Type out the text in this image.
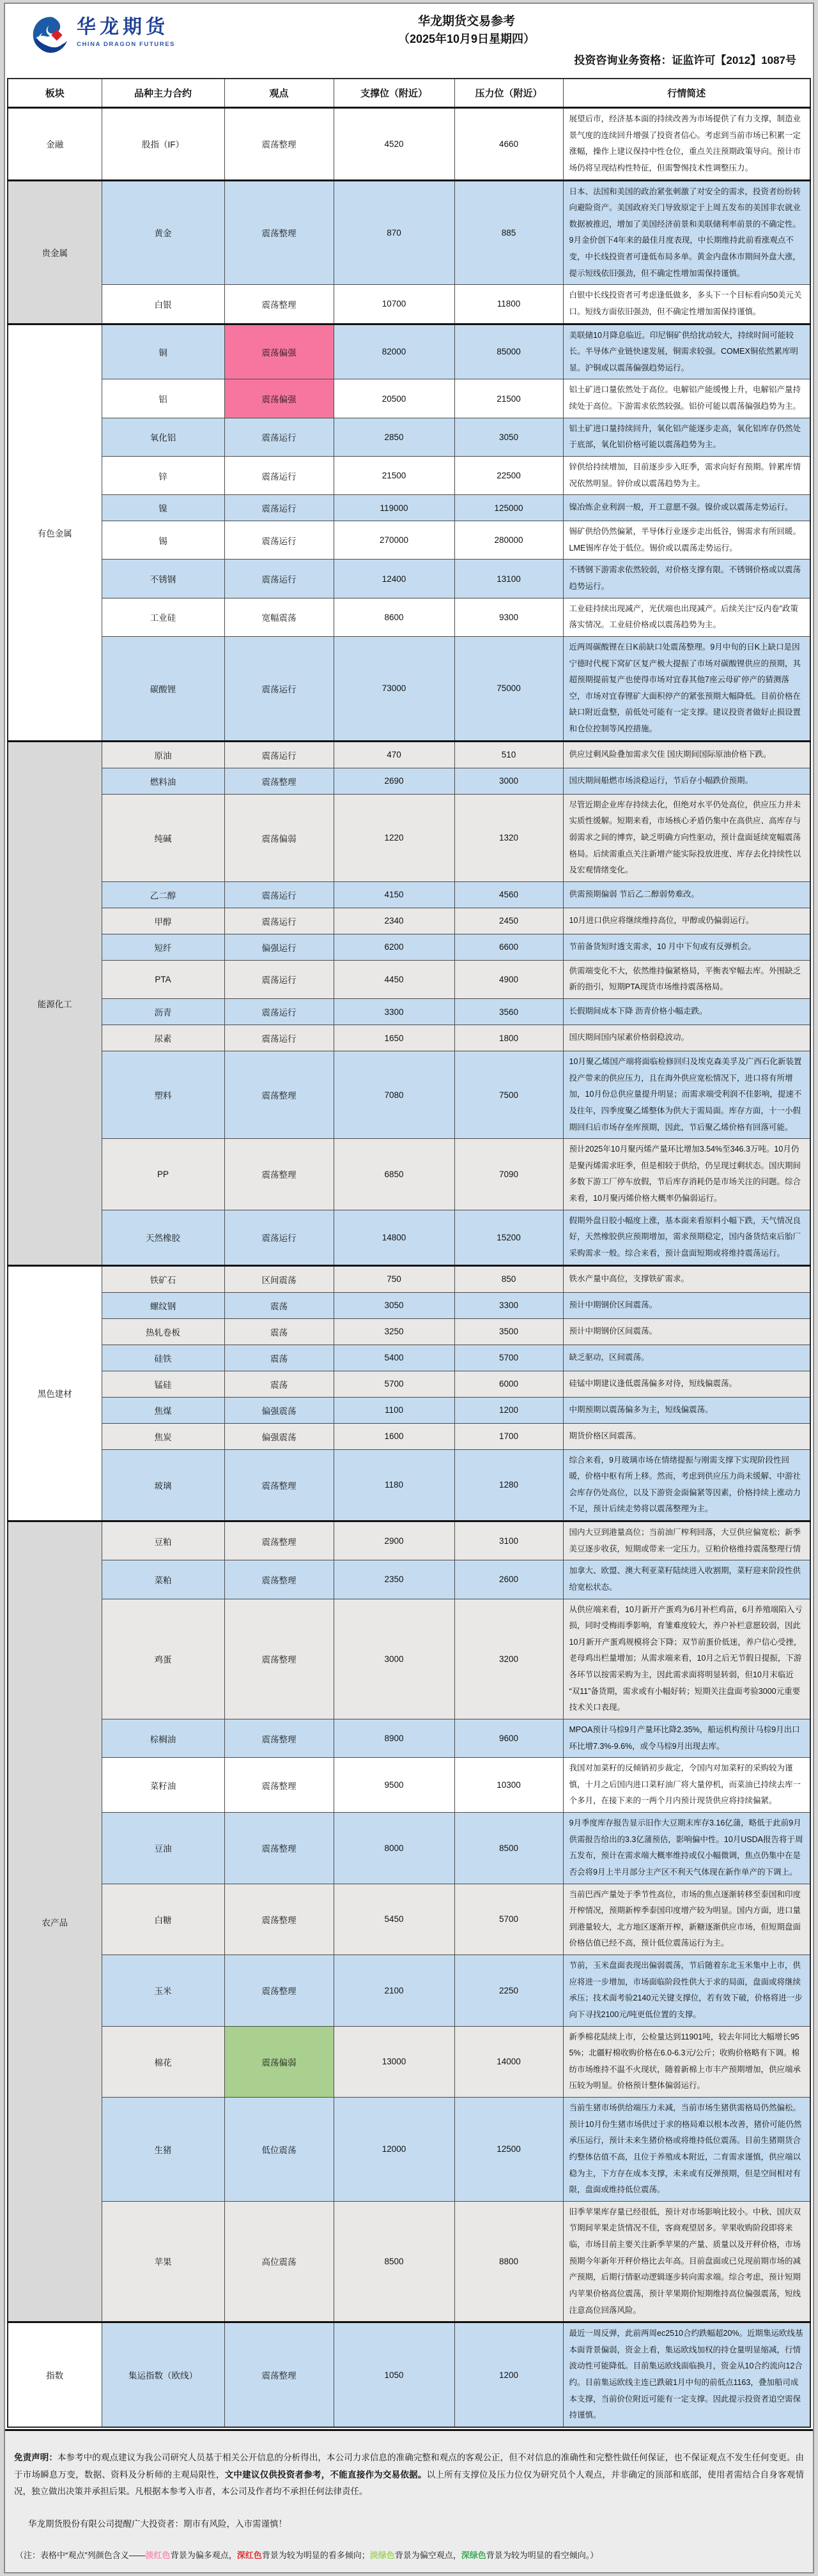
华龙期货
CHINA DRAGON FUTURES
华龙期货交易参考
（2025年10月9日星期四）
投资咨询业务资格：证监许可【2012】1087号
板块	品种主力合约	观点	支撑位（附近）	压力位（附近）	行情简述
金融	股指（IF）	震荡整理	4520	4660	展望后市，经济基本面的持续改善为市场提供了有力支撑，制造业景气度的连续回升增强了投资者信心。考虑到当前市场已积累一定涨幅，操作上建议保持中性仓位，重点关注预期政策导向。预计市场仍将呈现结构性特征，但需警惕技术性调整压力。
贵金属	黄金	震荡整理	870	885	日本、法国和美国的政治紧张刺激了对安全的需求，投资者纷纷转向避险资产。美国政府关门导致原定于上周五发布的美国非农就业数据被推迟，增加了美国经济前景和美联储利率前景的不确定性。9月金价创下4年来的最佳月度表现，中长期维持此前看涨观点不变，中长线投资者可逢低布局多单。黄金内盘休市期间外盘大涨，提示短线依旧强劲，但不确定性增加需保持谨慎。
	白银	震荡整理	10700	11800	白银中长线投资者可考虑逢低做多，多头下一个目标看向50美元关口。短线方面依旧强劲，但不确定性增加需保持谨慎。
有色金属	铜	震荡偏强	82000	85000	美联储10月降息临近。印尼铜矿供给扰动较大，持续时间可能较长。半导体产业链快速发展，铜需求较强。COMEX铜依然累库明显。沪铜或以震荡偏强趋势运行。
	铝	震荡偏强	20500	21500	铝土矿进口量依然处于高位。电解铝产能缓慢上升，电解铝产量持续处于高位。下游需求依然较强。铝价可能以震荡偏强趋势为主。
	氧化铝	震荡运行	2850	3050	铝土矿进口量持续回升，氧化铝产能逐步走高，氧化铝库存仍然处于底部，氧化铝价格可能以震荡趋势为主。
	锌	震荡运行	21500	22500	锌供给持续增加，目前逐步步入旺季，需求向好有预期。锌累库情况依然明显。锌价或以震荡趋势为主。
	镍	震荡运行	119000	125000	镍冶炼企业利润一般，开工意愿不强。镍价或以震荡走势运行。
	锡	震荡运行	270000	280000	锡矿供给仍然偏紧，半导体行业逐步走出低谷，锡需求有所回暖。LME锡库存处于低位。锡价或以震荡走势运行。
	不锈钢	震荡运行	12400	13100	不锈钢下游需求依然较弱，对价格支撑有限。不锈钢价格或以震荡趋势运行。
	工业硅	宽幅震荡	8600	9300	工业硅持续出现减产，光伏端也出现减产。后续关注“反内卷”政策落实情况。工业硅价格或以震荡趋势为主。
	碳酸锂	震荡运行	73000	75000	近两周碳酸锂在日K前缺口处震荡整理。9月中旬的日K上缺口是因宁德时代枧下窝矿区复产极大提振了市场对碳酸锂供应的预期，其超预期提前复产也使得市场对宜春其他7座云母矿停产的猜测落空，市场对宜春锂矿大面积停产的紧张预期大幅降低。目前价格在缺口附近盘整，前低处可能有一定支撑。建议投资者做好止损设置和仓位控制等风控措施。
能源化工	原油	震荡运行	470	510	供应过剩风险叠加需求欠佳 国庆期间国际原油价格下跌。
	燃料油	震荡整理	2690	3000	国庆期间船燃市场淡稳运行，节后存小幅跌价预期。
	纯碱	震荡偏弱	1220	1320	尽管近期企业库存持续去化，但绝对水平仍处高位，供应压力并未实质性缓解。短期来看，市场核心矛盾仍集中在高供应、高库存与弱需求之间的博弈，缺乏明确方向性驱动，预计盘面延续宽幅震荡格局。后续需重点关注新增产能实际投放进度、库存去化持续性以及宏观情绪变化。
	乙二醇	震荡运行	4150	4560	供需预期偏弱 节后乙二醇弱势难改。
	甲醇	震荡运行	2340	2450	10月进口供应将继续维持高位，甲醇或仍偏弱运行。
	短纤	偏强运行	6200	6600	节前备货短时透支需求，10 月中下旬或有反弹机会。
	PTA	震荡运行	4450	4900	供需端变化不大，依然维持偏紧格局，平衡表窄幅去库。外围缺乏新的指引，短期PTA现货市场维持震荡格局。
	沥青	震荡运行	3300	3560	长假期间成本下降 沥青价格小幅走跌。
	尿素	震荡运行	1650	1800	国庆期间国内尿素价格弱稳波动。
	塑料	震荡整理	7080	7500	10月聚乙烯国产端将面临检修回归及埃克森美孚及广西石化新装置投产带来的供应压力，且在海外供应宽松情况下，进口将有所增加，10月份总供应量提升明显；而需求端受利润不佳影响，提速不及往年，四季度聚乙烯整体为供大于需局面。库存方面，十一小假期回归后市场存垒库预期，因此，节后聚乙烯价格有回落可能。
	PP	震荡整理	6850	7090	预计2025年10月聚丙烯产量环比增加3.54%至346.3万吨。10月仍是聚丙烯需求旺季，但是相较于供给，仍呈现过剩状态。国庆期间多数下游工厂停车放假，节后库存消耗仍是市场关注的问题。综合来看，10月聚丙烯价格大概率仍偏弱运行。
	天然橡胶	震荡运行	14800	15200	假期外盘日胶小幅度上涨，基本面来看原料小幅下跌，天气情况良好，天然橡胶供应预期增加，需求预期稳定，国内备货结束后胎厂采购需求一般。综合来看，预计盘面短期或将维持震荡运行。
黑色建材	铁矿石	区间震荡	750	850	铁水产量中高位，支撑铁矿需求。
	螺纹钢	震荡	3050	3300	预计中期钢价区间震荡。
	热轧卷板	震荡	3250	3500	预计中期钢价区间震荡。
	硅铁	震荡	5400	5700	缺乏驱动，区间震荡。
	锰硅	震荡	5700	6000	硅锰中期建议逢低震荡偏多对待，短线偏震荡。
	焦煤	偏强震荡	1100	1200	中期预期以震荡偏多为主，短线偏震荡。
	焦炭	偏强震荡	1600	1700	期货价格区间震荡。
	玻璃	震荡整理	1180	1280	综合来看，9月玻璃市场在情绪提振与刚需支撑下实现阶段性回暖，价格中枢有所上移。然而，考虑到供应压力尚未缓解、中游社会库存仍处高位，以及下游资金面偏紧等因素，价格持续上涨动力不足，预计后续走势将以震荡整理为主。
农产品	豆粕	震荡整理	2900	3100	国内大豆到港量高位；当前油厂榨利回落，大豆供应偏宽松；新季美豆逐步收获，短期或带来一定压力。豆粕价格维持震荡整理行情
	菜粕	震荡整理	2350	2600	加拿大、欧盟、澳大利亚菜籽陆续进入收割期，菜籽迎来阶段性供给宽松状态。
	鸡蛋	震荡整理	3000	3200	从供应端来看，10月新开产蛋鸡为6月补栏鸡苗，6月养殖端陷入亏损，同时受梅雨季影响，育雏难度较大，养户补栏意愿较弱，因此10月新开产蛋鸡规模将会下降；双节前蛋价低迷，养户信心受挫，老母鸡出栏量增加；从需求端来看，10月之后无节假日提振，下游各环节以按需采购为主，因此需求面将明显转弱，但10月末临近“双11”备货期，需求或有小幅好转；短期关注盘面考验3000元重要技术关口表现。
	棕榈油	震荡整理	8900	9600	MPOA预计马棕9月产量环比降2.35%，船运机构预计马棕9月出口环比增7.3%-9.6%，或令马棕9月出现去库。
	菜籽油	震荡整理	9500	10300	我国对加菜籽的反倾销初步裁定，令国内对加菜籽的采购较为谨慎，十月之后国内进口菜籽油厂将大量停机，而菜油已持续去库一个多月，在接下来的一两个月内预计现货供应将持续偏紧。
	豆油	震荡整理	8000	8500	9月季度库存报告显示旧作大豆期末库存3.16亿蒲，略低于此前9月供需报告给出的3.3亿蒲预估，影响偏中性。10月USDA报告将于周五发布，预计在需求端大概率维持或仅小幅微调，焦点仍集中在是否会将9月上半月部分主产区不利天气体现在新作单产的下调上。
	白糖	震荡整理	5450	5700	当前巴西产量处于季节性高位，市场的焦点逐渐转移至泰国和印度开榨情况，预期新榨季泰国印度增产较为明显。国内方面，进口量到港量较大，北方地区逐渐开榨，新糖逐渐供应市场，但短期盘面价格估值已经不高，预计低位震荡运行为主。
	玉米	震荡整理	2100	2250	节前，玉米盘面表现出偏弱震荡，节后随着东北玉米集中上市，供应将进一步增加，市场面临阶段性供大于求的局面，盘面或将继续承压；技术面考验2140元关键支撑位，若有效下破，价格将进一步向下寻找2100元/吨更低位置的支撑。
	棉花	震荡偏弱	13000	14000	新季棉花陆续上市，公检量达到11901吨，较去年同比大幅增长955%；北疆籽棉收购价格在6.0-6.3元/公斤；收购价格略有下调。棉纺市场维持不温不火现状，随着新棉上市丰产预期增加，供应端承压较为明显。价格预计整体偏弱运行。
	生猪	低位震荡	12000	12500	当前生猪市场供给端压力未减，当前市场生猪供需格局仍然偏松。预计10月份生猪市场供过于求的格局难以根本改善，猪价可能仍然承压运行，预计未来生猪价格或将维持低位震荡。目前生猪期货合约整体估值不高，且位于养殖成本附近，二育需求谨慎，供应端以稳为主，下方存在成本支撑，未来或有反弹预期，但是空间相对有限，盘面或维持低位震荡。
	苹果	高位震荡	8500	8800	旧季苹果库存量已经很低，预计对市场影响比较小。中秋、国庆双节期间苹果走货情况不佳，客商观望居多。苹果收购阶段即将来临，市场目前主要关注新季苹果的产量、质量以及开秤价格，市场预期今年新年开秤价格比去年高。目前盘面或已兑现前期市场的减产预期，后期行情驱动逻辑逐步转向需求端。综合考虑，预计短期内苹果价格高位震荡，预计苹果期价短期维持高位偏强震荡，短线注意高位回落风险。
指数	集运指数（欧线）	震荡整理	1050	1200	最近一周反弹，此前两周ec2510合约跌幅超20%。近期集运欧线基本面背景偏弱，资金上看，集运欧线加权的持仓量明显缩减，行情波动性可能降低。目前集运欧线面临换月，资金从10合约流向12合约。目前集运欧线主连已跌破1月中旬的前低点1163，叠加船司成本支撑，当前价位附近可能有一定支撑。因此提示投资者追空需保持谨慎。

免责声明：本参考中的观点建议为我公司研究人员基于相关公开信息的分析得出，本公司力求信息的准确完整和观点的客观公正，但不对信息的准确性和完整性做任何保证，也不保证观点不发生任何变更。由于市场瞬息万变，数据、资料及分析师的主观局限性，文中建议仅供投资者参考，不能直接作为交易依据。以上所有支撑位及压力位仅为研究员个人观点，并非确定的顶部和底部，使用者需结合自身客观情况，独立做出决策并承担后果。凡根据本参考入市者，本公司及作者均不承担任何法律责任。

华龙期货股份有限公司提醒广大投资者：期市有风险，入市需谨慎！

（注：表格中“观点”列颜色含义——淡红色背景为偏多观点，深红色背景为较为明显的看多倾向；淡绿色背景为偏空观点，深绿色背景为较为明显的看空倾向。）
